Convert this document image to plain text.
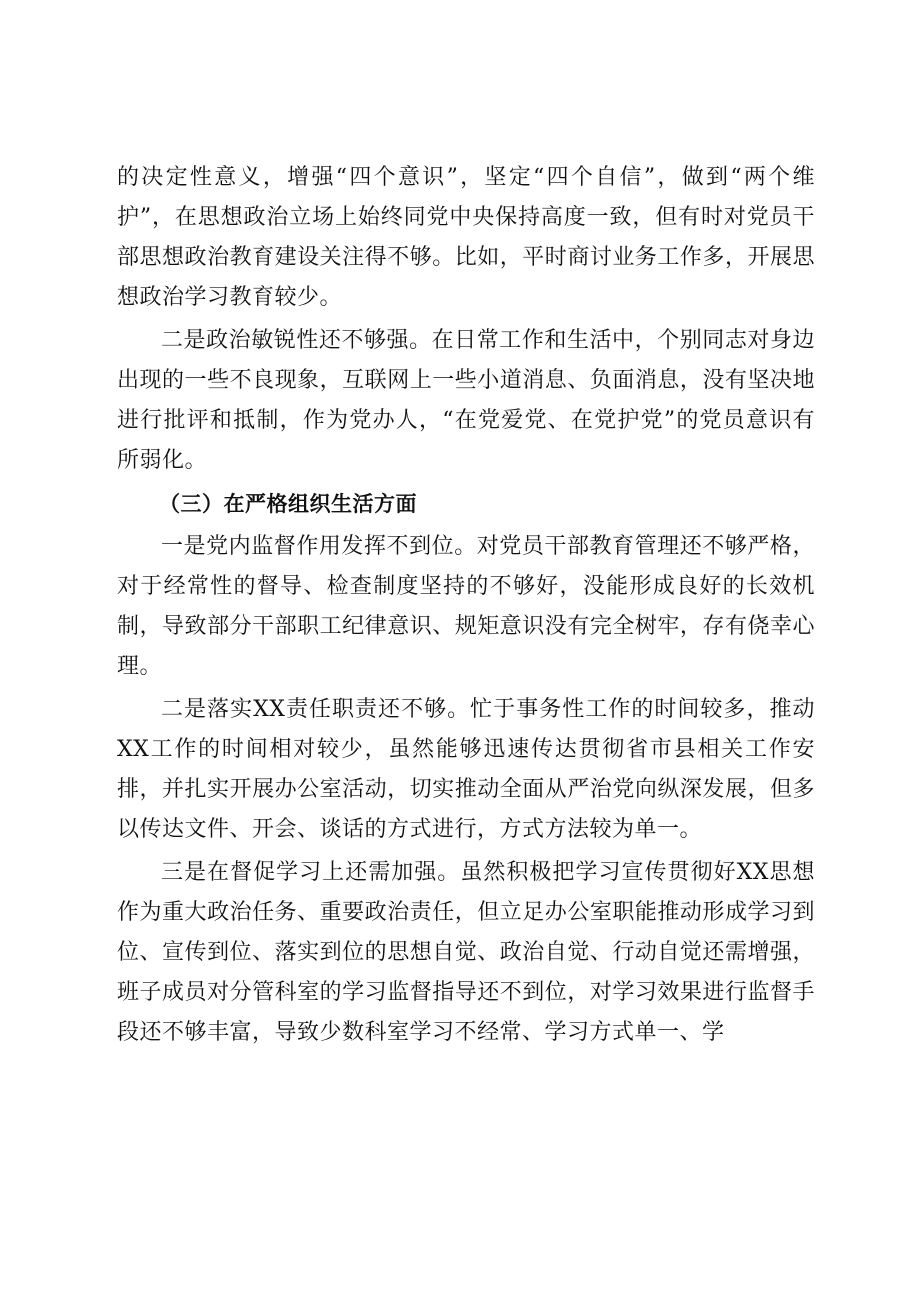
的决定性意义，增强“四个意识”，坚定“四个自信”，做到“两个维护”，在思想政治立场上始终同党中央保持高度一致，但有时对党员干部思想政治教育建设关注得不够。比如，平时商讨业务工作多，开展思想政治学习教育较少。

二是政治敏锐性还不够强。在日常工作和生活中，个别同志对身边出现的一些不良现象，互联网上一些小道消息、负面消息，没有坚决地进行批评和抵制，作为党办人，“在党爱党、在党护党”的党员意识有所弱化。

（三）在严格组织生活方面

一是党内监督作用发挥不到位。对党员干部教育管理还不够严格，对于经常性的督导、检查制度坚持的不够好，没能形成良好的长效机制，导致部分干部职工纪律意识、规矩意识没有完全树牢，存有侥幸心理。

二是落实XX责任职责还不够。忙于事务性工作的时间较多，推动XX工作的时间相对较少，虽然能够迅速传达贯彻省市县相关工作安排，并扎实开展办公室活动，切实推动全面从严治党向纵深发展，但多以传达文件、开会、谈话的方式进行，方式方法较为单一。

三是在督促学习上还需加强。虽然积极把学习宣传贯彻好XX思想作为重大政治任务、重要政治责任，但立足办公室职能推动形成学习到位、宣传到位、落实到位的思想自觉、政治自觉、行动自觉还需增强，班子成员对分管科室的学习监督指导还不到位，对学习效果进行监督手段还不够丰富，导致少数科室学习不经常、学习方式单一、学
